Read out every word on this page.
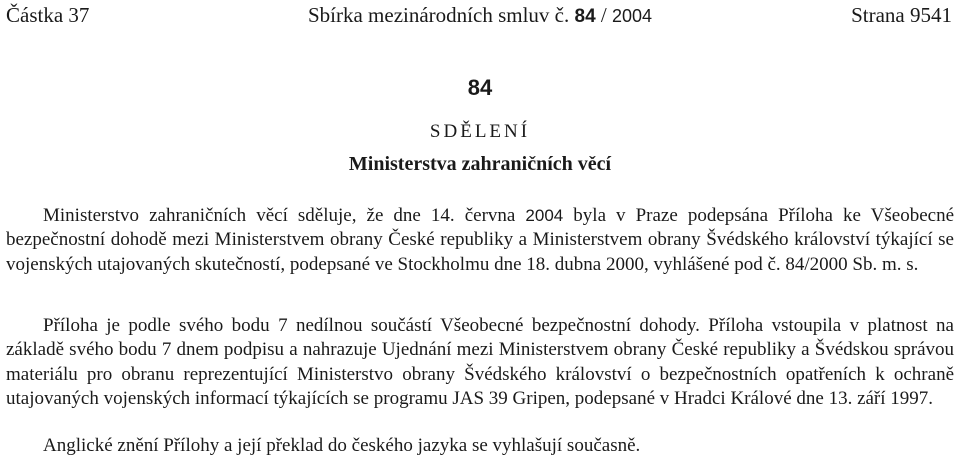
Částka 37	Sbírka mezinárodních smluv č. 84 / 2004	Strana 9541
84
SDĚLENÍ
Ministerstva zahraničních věcí

Ministerstvo zahraničních věcí sděluje, že dne 14. června 2004 byla v Praze podepsána Příloha ke Všeobecné bezpečnostní dohodě mezi Ministerstvem obrany České republiky a Ministerstvem obrany Švédského království týkající se vojenských utajovaných skutečností, podepsané ve Stockholmu dne 18. dubna 2000, vyhlášené pod č. 84/2000 Sb. m. s.

Příloha je podle svého bodu 7 nedílnou součástí Všeobecné bezpečnostní dohody. Příloha vstoupila v platnost na základě svého bodu 7 dnem podpisu a nahrazuje Ujednání mezi Ministerstvem obrany České republiky a Švédskou správou materiálu pro obranu reprezentující Ministerstvo obrany Švédského království o bezpečnostních opatřeních k ochraně utajovaných vojenských informací týkajících se programu JAS 39 Gripen, podepsané v Hradci Králové dne 13. září 1997.

Anglické znění Přílohy a její překlad do českého jazyka se vyhlašují současně.
